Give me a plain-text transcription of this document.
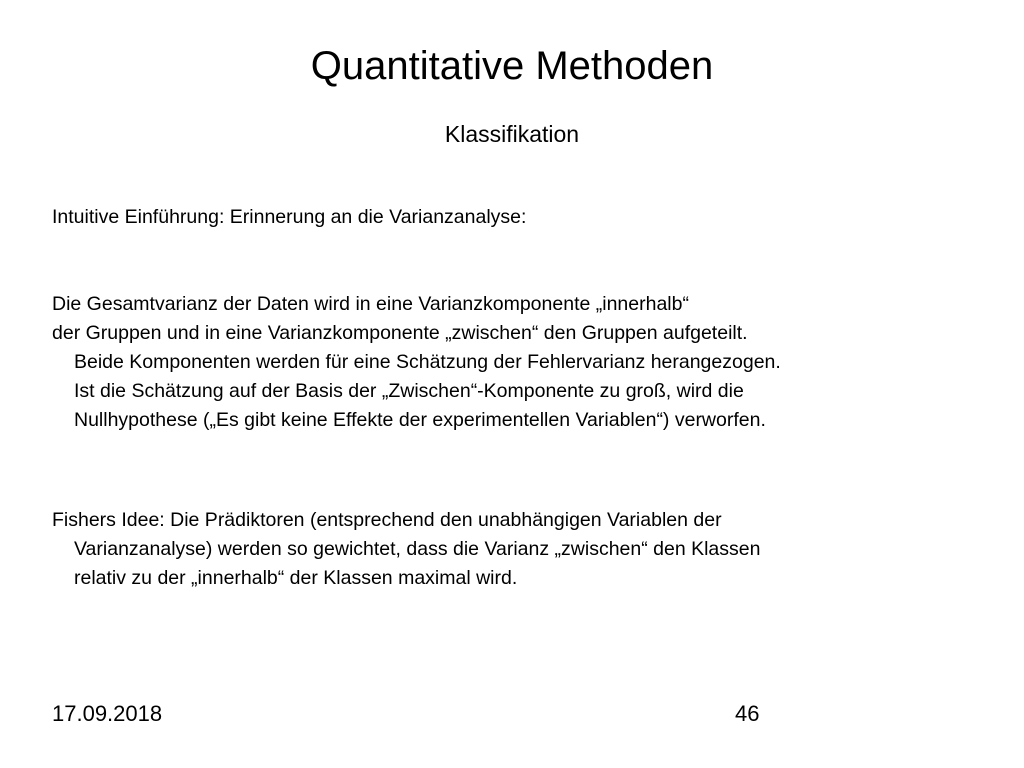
Quantitative Methoden
Klassifikation
Intuitive Einführung: Erinnerung an die Varianzanalyse:
Die Gesamtvarianz der Daten wird in eine Varianzkomponente „innerhalb“
der Gruppen und in eine Varianzkomponente „zwischen“ den Gruppen aufgeteilt.
Beide Komponenten werden für eine Schätzung der Fehlervarianz herangezogen.
Ist die Schätzung auf der Basis der „Zwischen“-Komponente zu groß, wird die
Nullhypothese („Es gibt keine Effekte der experimentellen Variablen“) verworfen.
Fishers Idee: Die Prädiktoren (entsprechend den unabhängigen Variablen der
Varianzanalyse) werden so gewichtet, dass die Varianz „zwischen“ den Klassen
relativ zu der „innerhalb“ der Klassen maximal wird.
17.09.2018	46
